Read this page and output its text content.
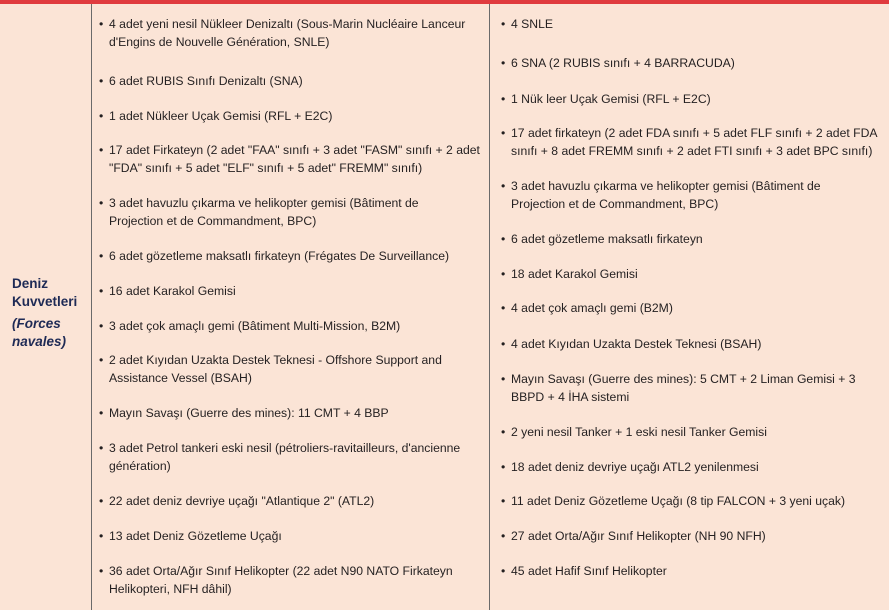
Deniz
Kuvvetleri
(Forces
navales)
• 4 adet yeni nesil Nükleer Denizaltı (Sous-Marin Nucléaire Lanceur
d'Engins de Nouvelle Génération, SNLE)
• 6 adet RUBIS Sınıfı Denizaltı (SNA)
• 1 adet Nükleer Uçak Gemisi (RFL + E2C)
• 17 adet Firkateyn (2 adet "FAA" sınıfı + 3 adet "FASM" sınıfı + 2 adet
"FDA" sınıfı + 5 adet "ELF" sınıfı + 5 adet" FREMM" sınıfı)
• 3 adet havuzlu çıkarma ve helikopter gemisi (Bâtiment de
Projection et de Commandment, BPC)
• 6 adet gözetleme maksatlı firkateyn (Frégates De Surveillance)
• 16 adet Karakol Gemisi
• 3 adet çok amaçlı gemi (Bâtiment Multi-Mission, B2M)
• 2 adet Kıyıdan Uzakta Destek Teknesi - Offshore Support and
Assistance Vessel (BSAH)
• Mayın Savaşı (Guerre des mines): 11 CMT + 4 BBP
• 3 adet Petrol tankeri eski nesil (pétroliers-ravitailleurs, d'ancienne
génération)
• 22 adet deniz devriye uçağı "Atlantique 2" (ATL2)
• 13 adet Deniz Gözetleme Uçağı
• 36 adet Orta/Ağır Sınıf Helikopter (22 adet N90 NATO Firkateyn
Helikopteri, NFH dâhil)
• 4 SNLE
• 6 SNA (2 RUBIS sınıfı + 4 BARRACUDA)
• 1 Nük leer Uçak Gemisi (RFL + E2C)
• 17 adet firkateyn (2 adet FDA sınıfı + 5 adet FLF sınıfı + 2 adet FDA
sınıfı + 8 adet FREMM sınıfı + 2 adet FTI sınıfı + 3 adet BPC sınıfı)
• 3 adet havuzlu çıkarma ve helikopter gemisi (Bâtiment de
Projection et de Commandment, BPC)
• 6 adet gözetleme maksatlı firkateyn
• 18 adet Karakol Gemisi
• 4 adet çok amaçlı gemi (B2M)
• 4 adet Kıyıdan Uzakta Destek Teknesi (BSAH)
• Mayın Savaşı (Guerre des mines): 5 CMT + 2 Liman Gemisi + 3
BBPD + 4 İHA sistemi
• 2 yeni nesil Tanker + 1 eski nesil Tanker Gemisi
• 18 adet deniz devriye uçağı ATL2 yenilenmesi
• 11 adet Deniz Gözetleme Uçağı (8 tip FALCON + 3 yeni uçak)
• 27 adet Orta/Ağır Sınıf Helikopter (NH 90 NFH)
• 45 adet Hafif Sınıf Helikopter
